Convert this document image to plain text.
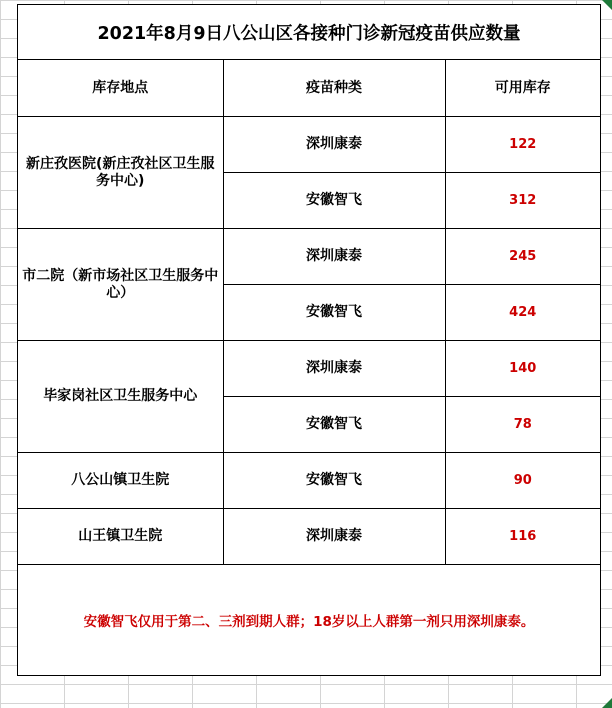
2021年8月9日八公山区各接种门诊新冠疫苗供应数量
库存地点	疫苗种类	可用库存
新庄孜医院(新庄孜社区卫生服务中心)	深圳康泰	122
	安徽智飞	312
市二院（新市场社区卫生服务中心）	深圳康泰	245
	安徽智飞	424
毕家岗社区卫生服务中心	深圳康泰	140
	安徽智飞	78
八公山镇卫生院	安徽智飞	90
山王镇卫生院	深圳康泰	116
安徽智飞仅用于第二、三剂到期人群；18岁以上人群第一剂只用深圳康泰。
